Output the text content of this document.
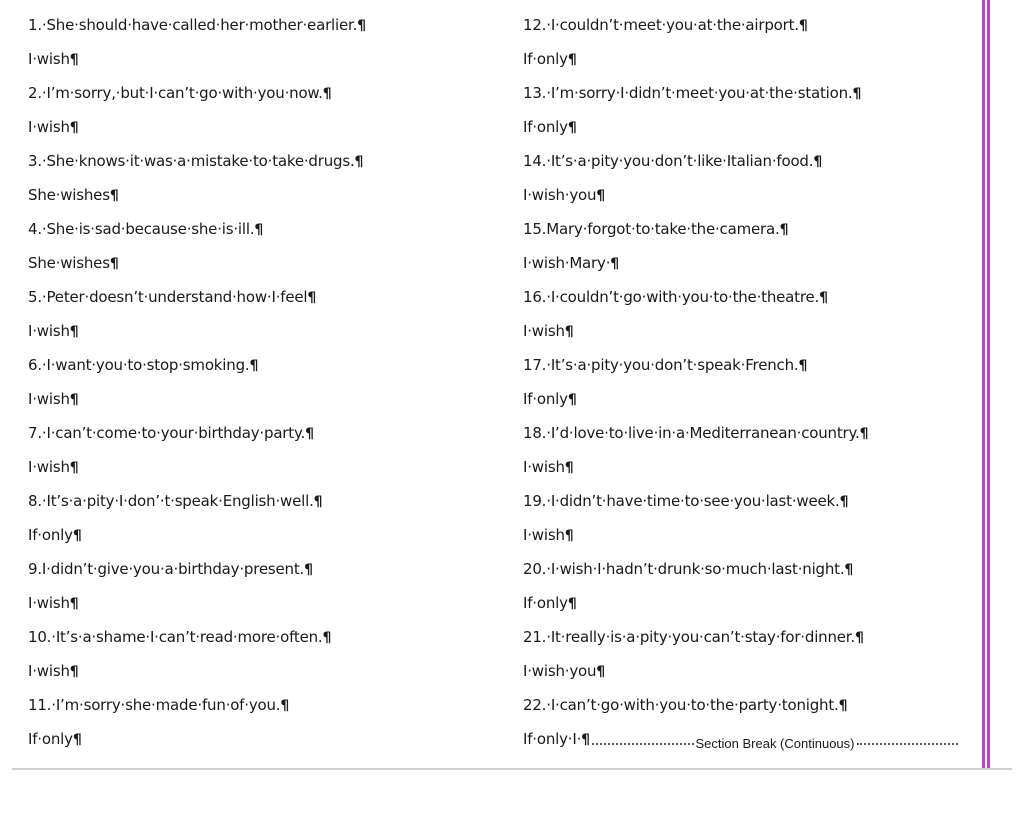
1.·She·should·have·called·her·mother·earlier.¶
I·wish¶
2.·I’m·sorry,·but·I·can’t·go·with·you·now.¶
I·wish¶
3.·She·knows·it·was·a·mistake·to·take·drugs.¶
She·wishes¶
4.·She·is·sad·because·she·is·ill.¶
She·wishes¶
5.·Peter·doesn’t·understand·how·I·feel¶
I·wish¶
6.·I·want·you·to·stop·smoking.¶
I·wish¶
7.·I·can’t·come·to·your·birthday·party.¶
I·wish¶
8.·It’s·a·pity·I·don’·t·speak·English·well.¶
If·only¶
9.I·didn’t·give·you·a·birthday·present.¶
I·wish¶
10.·It’s·a·shame·I·can’t·read·more·often.¶
I·wish¶
11.·I’m·sorry·she·made·fun·of·you.¶
If·only¶
12.·I·couldn’t·meet·you·at·the·airport.¶
If·only¶
13.·I’m·sorry·I·didn’t·meet·you·at·the·station.¶
If·only¶
14.·It’s·a·pity·you·don’t·like·Italian·food.¶
I·wish·you¶
15.Mary·forgot·to·take·the·camera.¶
I·wish·Mary·¶
16.·I·couldn’t·go·with·you·to·the·theatre.¶
I·wish¶
17.·It’s·a·pity·you·don’t·speak·French.¶
If·only¶
18.·I’d·love·to·live·in·a·Mediterranean·country.¶
I·wish¶
19.·I·didn’t·have·time·to·see·you·last·week.¶
I·wish¶
20.·I·wish·I·hadn’t·drunk·so·much·last·night.¶
If·only¶
21.·It·really·is·a·pity·you·can’t·stay·for·dinner.¶
I·wish·you¶
22.·I·can’t·go·with·you·to·the·party·tonight.¶
If·only·I·¶	Section Break (Continuous)
